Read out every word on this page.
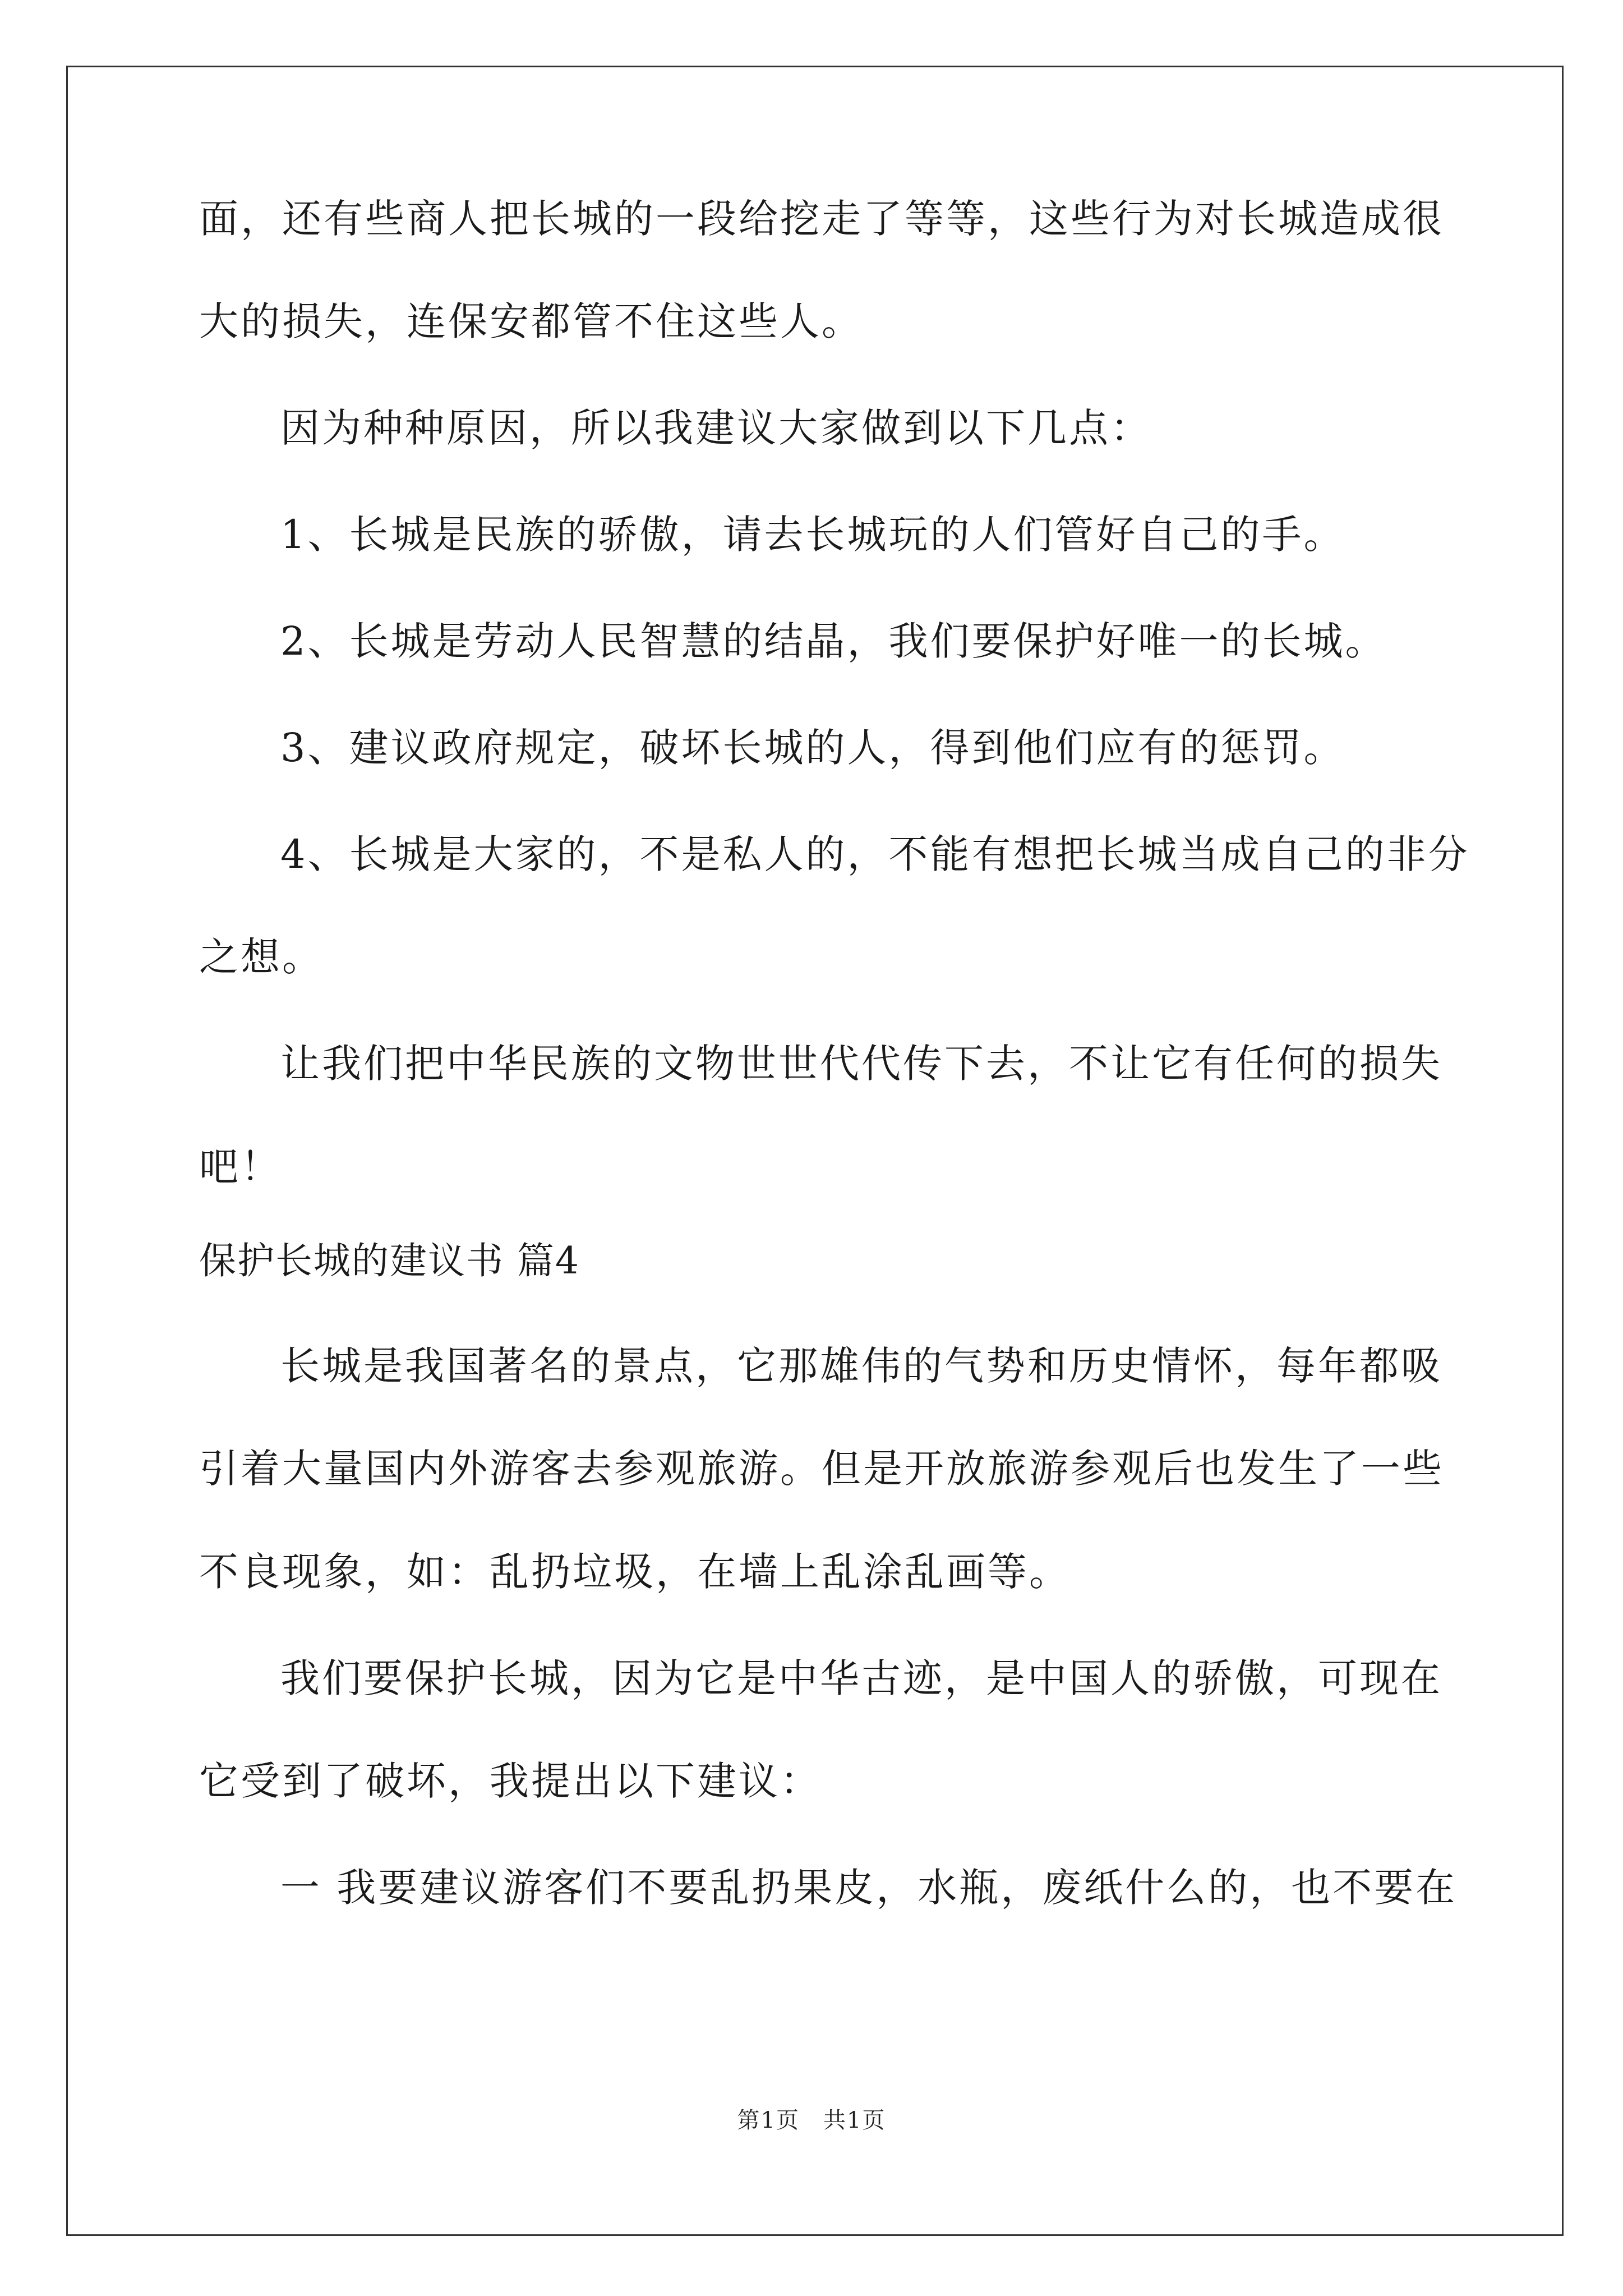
面，还有些商人把长城的一段给挖走了等等，这些行为对长城造成很
大的损失，连保安都管不住这些人。
因为种种原因，所以我建议大家做到以下几点：
1、长城是民族的骄傲，请去长城玩的人们管好自己的手。
2、长城是劳动人民智慧的结晶，我们要保护好唯一的长城。
3、建议政府规定，破坏长城的人，得到他们应有的惩罚。
4、长城是大家的，不是私人的，不能有想把长城当成自己的非分
之想。
让我们把中华民族的文物世世代代传下去，不让它有任何的损失
吧！
保护长城的建议书 篇4
长城是我国著名的景点，它那雄伟的气势和历史情怀，每年都吸
引着大量国内外游客去参观旅游。但是开放旅游参观后也发生了一些
不良现象，如：乱扔垃圾，在墙上乱涂乱画等。
我们要保护长城，因为它是中华古迹，是中国人的骄傲，可现在
它受到了破坏，我提出以下建议：
一 我要建议游客们不要乱扔果皮，水瓶，废纸什么的，也不要在
第1页　共1页
